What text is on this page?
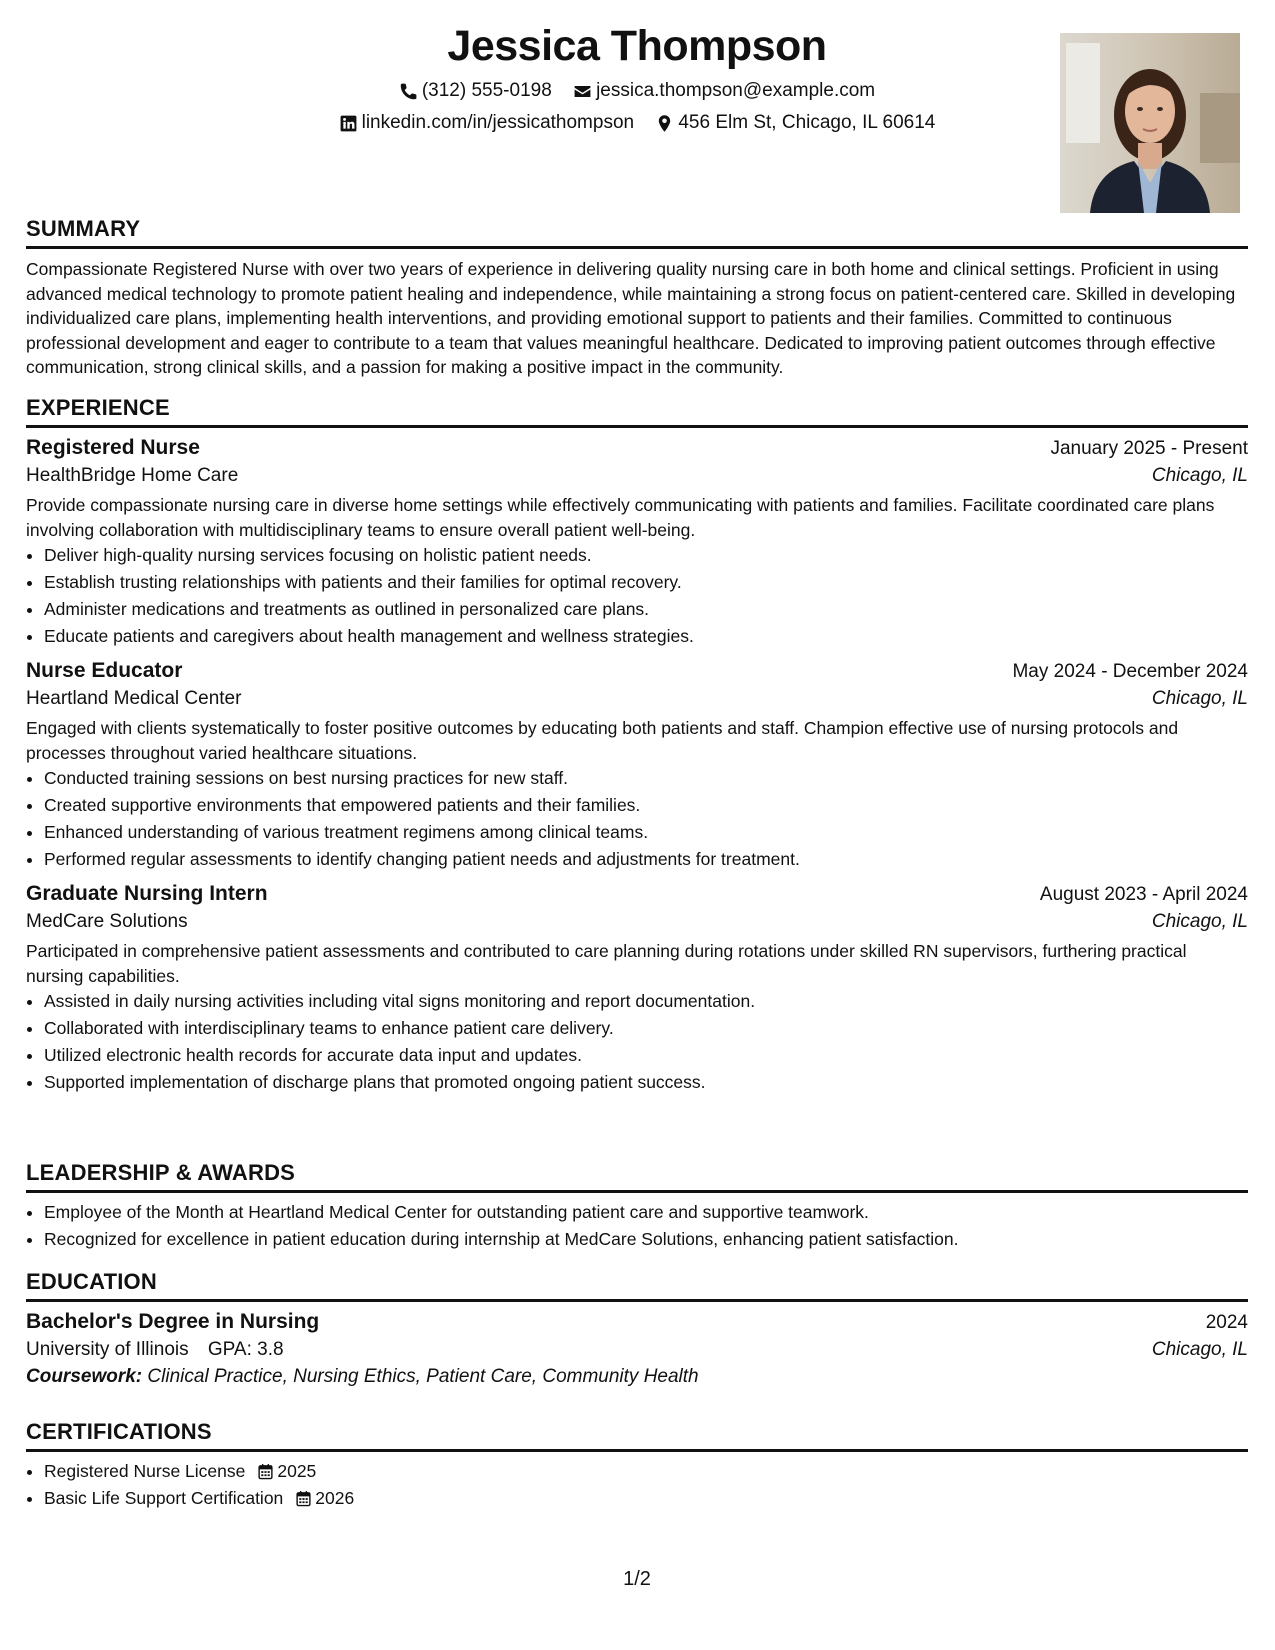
Jessica Thompson
(312) 555-0198
jessica.thompson@example.com
linkedin.com/in/jessicathompson
456 Elm St, Chicago, IL 60614
SUMMARY

Compassionate Registered Nurse with over two years of experience in delivering quality nursing care in both home and clinical settings. Proficient in using advanced medical technology to promote patient healing and independence, while maintaining a strong focus on patient-centered care. Skilled in developing individualized care plans, implementing health interventions, and providing emotional support to patients and their families. Committed to continuous professional development and eager to contribute to a team that values meaningful healthcare. Dedicated to improving patient outcomes through effective communication, strong clinical skills, and a passion for making a positive impact in the community.

EXPERIENCE
Registered Nurse	January 2025 - Present
HealthBridge Home Care	Chicago, IL

Provide compassionate nursing care in diverse home settings while effectively communicating with patients and families. Facilitate coordinated care plans involving collaboration with multidisciplinary teams to ensure overall patient well-being.

• Deliver high-quality nursing services focusing on holistic patient needs.
• Establish trusting relationships with patients and their families for optimal recovery.
• Administer medications and treatments as outlined in personalized care plans.
• Educate patients and caregivers about health management and wellness strategies.
Nurse Educator	May 2024 - December 2024
Heartland Medical Center	Chicago, IL

Engaged with clients systematically to foster positive outcomes by educating both patients and staff. Champion effective use of nursing protocols and processes throughout varied healthcare situations.

• Conducted training sessions on best nursing practices for new staff.
• Created supportive environments that empowered patients and their families.
• Enhanced understanding of various treatment regimens among clinical teams.
• Performed regular assessments to identify changing patient needs and adjustments for treatment.
Graduate Nursing Intern	August 2023 - April 2024
MedCare Solutions	Chicago, IL

Participated in comprehensive patient assessments and contributed to care planning during rotations under skilled RN supervisors, furthering practical nursing capabilities.

• Assisted in daily nursing activities including vital signs monitoring and report documentation.
• Collaborated with interdisciplinary teams to enhance patient care delivery.
• Utilized electronic health records for accurate data input and updates.
• Supported implementation of discharge plans that promoted ongoing patient success.
LEADERSHIP & AWARDS
• Employee of the Month at Heartland Medical Center for outstanding patient care and supportive teamwork.
• Recognized for excellence in patient education during internship at MedCare Solutions, enhancing patient satisfaction.
EDUCATION
Bachelor's Degree in Nursing	2024
University of Illinois GPA: 3.8	Chicago, IL
Coursework: Clinical Practice, Nursing Ethics, Patient Care, Community Health
CERTIFICATIONS
• Registered Nurse License 2025
• Basic Life Support Certification 2026
1/2
